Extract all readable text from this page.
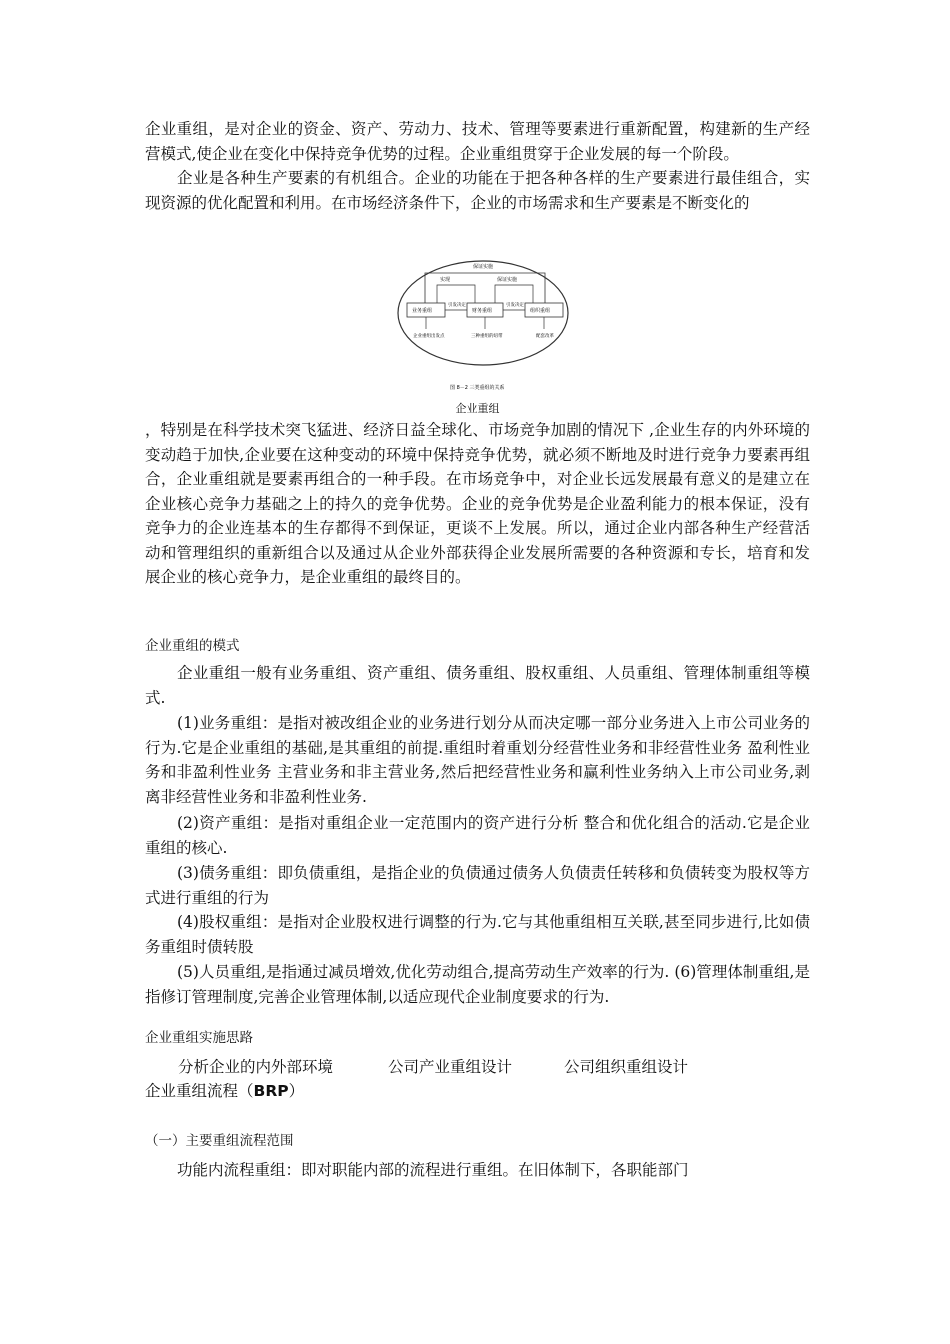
企业重组，是对企业的资金、资产、劳动力、技术、管理等要素进行重新配置，构建新的生产经营模式,使企业在变化中保持竞争优势的过程。企业重组贯穿于企业发展的每一个阶段。

企业是各种生产要素的有机组合。企业的功能在于把各种各样的生产要素进行最佳组合，实现资源的优化配置和利用。在市场经济条件下，企业的市场需求和生产要素是不断变化的

保证实施
实现	保证实施
业务重组	财务重组	组织重组
引发决定	引发决定
企业重组出发点	三种重组的纽带	配套改革
图 8－2 三类重组的关系
企业重组

，特别是在科学技术突飞猛进、经济日益全球化、市场竞争加剧的情况下 ,企业生存的内外环境的变动趋于加快,企业要在这种变动的环境中保持竞争优势，就必须不断地及时进行竞争力要素再组合，企业重组就是要素再组合的一种手段。在市场竞争中，对企业长远发展最有意义的是建立在企业核心竞争力基础之上的持久的竞争优势。企业的竞争优势是企业盈利能力的根本保证，没有竞争力的企业连基本的生存都得不到保证，更谈不上发展。所以，通过企业内部各种生产经营活动和管理组织的重新组合以及通过从企业外部获得企业发展所需要的各种资源和专长，培育和发展企业的核心竞争力，是企业重组的最终目的。

企业重组的模式

企业重组一般有业务重组、资产重组、债务重组、股权重组、人员重组、管理体制重组等模式.

(1)业务重组：是指对被改组企业的业务进行划分从而决定哪一部分业务进入上市公司业务的行为.它是企业重组的基础,是其重组的前提.重组时着重划分经营性业务和非经营性业务 盈利性业务和非盈利性业务 主营业务和非主营业务,然后把经营性业务和赢利性业务纳入上市公司业务,剥离非经营性业务和非盈利性业务.

(2)资产重组：是指对重组企业一定范围内的资产进行分析 整合和优化组合的活动.它是企业重组的核心.

(3)债务重组：即负债重组，是指企业的负债通过债务人负债责任转移和负债转变为股权等方式进行重组的行为

(4)股权重组：是指对企业股权进行调整的行为.它与其他重组相互关联,甚至同步进行,比如债务重组时债转股

(5)人员重组,是指通过减员增效,优化劳动组合,提高劳动生产效率的行为. (6)管理体制重组,是指修订管理制度,完善企业管理体制,以适应现代企业制度要求的行为.

企业重组实施思路
分析企业的内外部环境	公司产业重组设计	公司组织重组设计
企业重组流程（BRP）
（一）主要重组流程范围

功能内流程重组：即对职能内部的流程进行重组。在旧体制下，各职能部门
